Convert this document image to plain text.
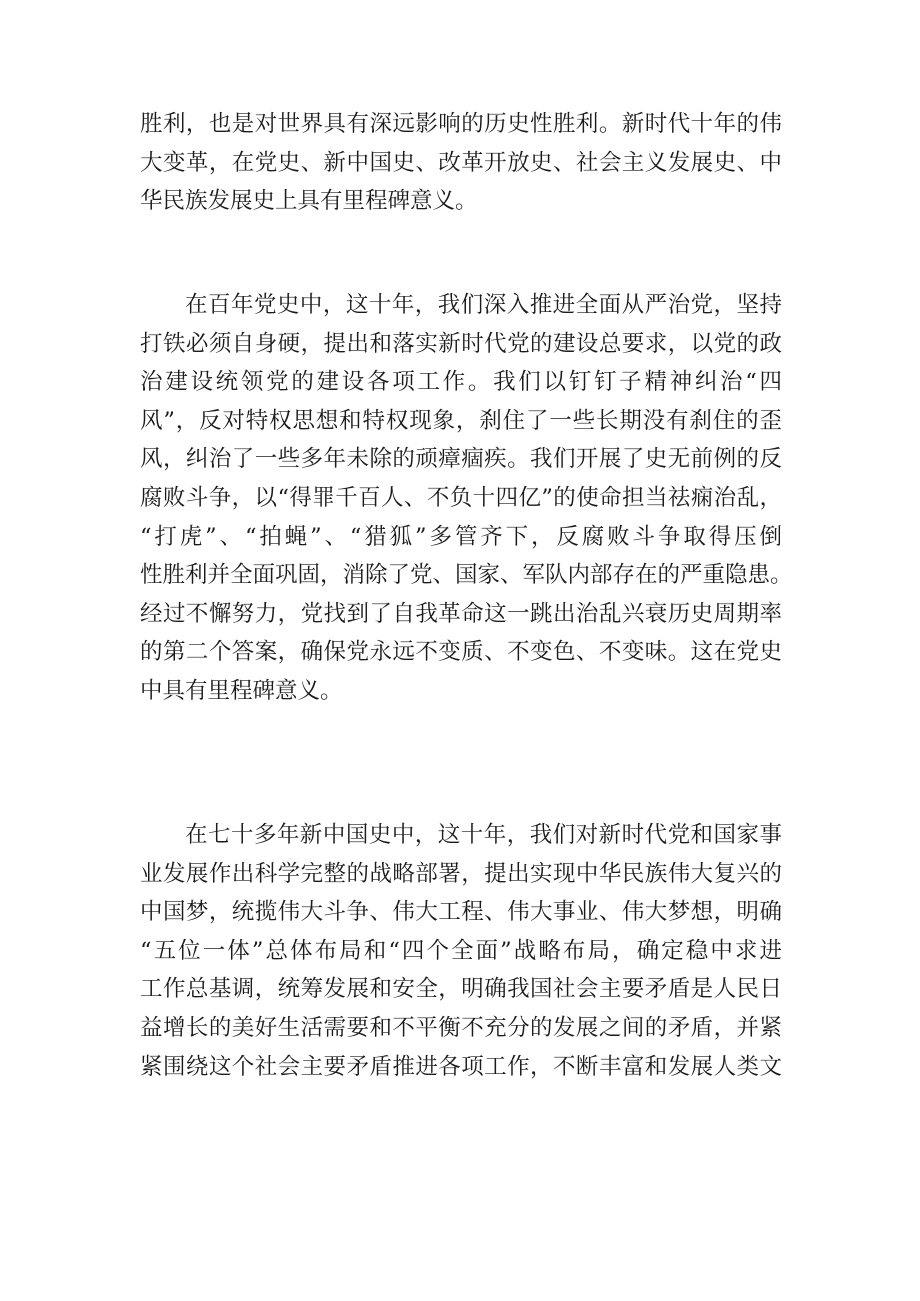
胜利，也是对世界具有深远影响的历史性胜利。新时代十年的伟
大变革，在党史、新中国史、改革开放史、社会主义发展史、中
华民族发展史上具有里程碑意义。
在百年党史中，这十年，我们深入推进全面从严治党，坚持
打铁必须自身硬，提出和落实新时代党的建设总要求，以党的政
治建设统领党的建设各项工作。我们以钉钉子精神纠治“四
风”，反对特权思想和特权现象，刹住了一些长期没有刹住的歪
风，纠治了一些多年未除的顽瘴痼疾。我们开展了史无前例的反
腐败斗争，以“得罪千百人、不负十四亿”的使命担当祛痫治乱，
“打虎”、“拍蝇”、“猎狐”多管齐下，反腐败斗争取得压倒
性胜利并全面巩固，消除了党、国家、军队内部存在的严重隐患。
经过不懈努力，党找到了自我革命这一跳出治乱兴衰历史周期率
的第二个答案，确保党永远不变质、不变色、不变味。这在党史
中具有里程碑意义。
在七十多年新中国史中，这十年，我们对新时代党和国家事
业发展作出科学完整的战略部署，提出实现中华民族伟大复兴的
中国梦，统揽伟大斗争、伟大工程、伟大事业、伟大梦想，明确
“五位一体”总体布局和“四个全面”战略布局，确定稳中求进
工作总基调，统筹发展和安全，明确我国社会主要矛盾是人民日
益增长的美好生活需要和不平衡不充分的发展之间的矛盾，并紧
紧围绕这个社会主要矛盾推进各项工作，不断丰富和发展人类文
